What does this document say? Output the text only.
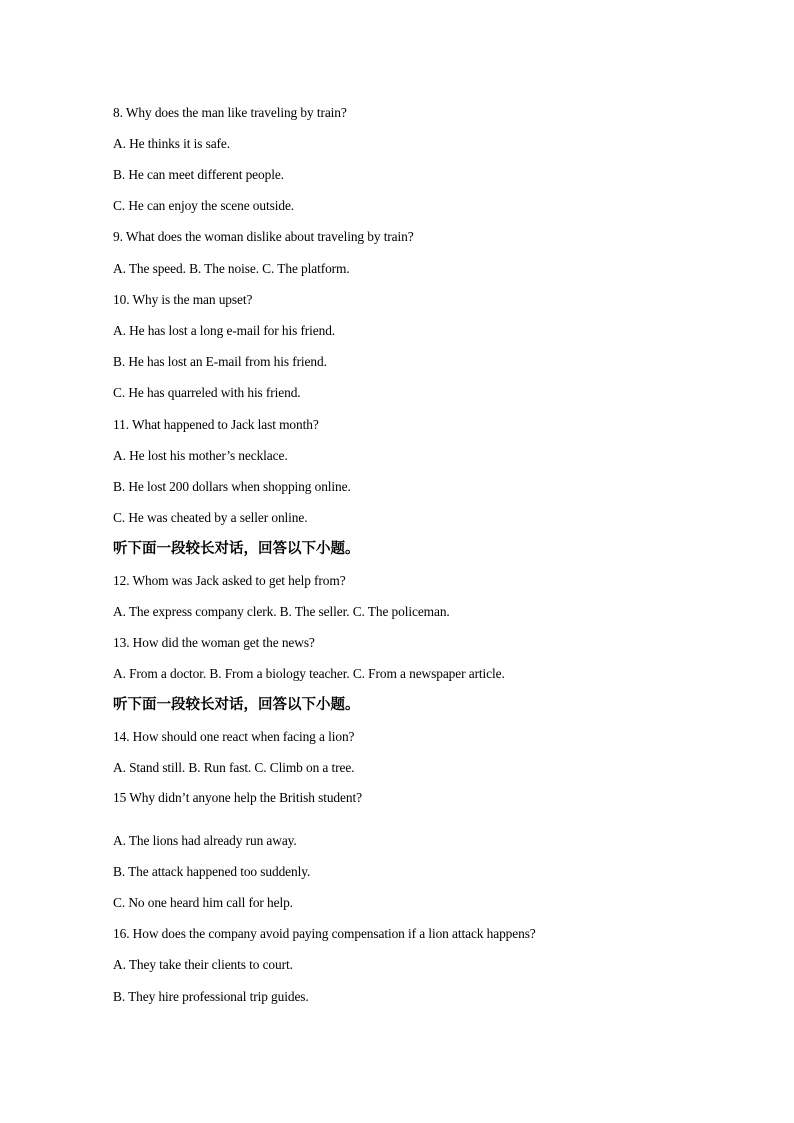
8. Why does the man like traveling by train?
A. He thinks it is safe.
B. He can meet different people.
C. He can enjoy the scene outside.
9. What does the woman dislike about traveling by train?
A. The speed. B. The noise. C. The platform.
10. Why is the man upset?
A. He has lost a long e-mail for his friend.
B. He has lost an E-mail from his friend.
C. He has quarreled with his friend.
11. What happened to Jack last month?
A. He lost his mother’s necklace.
B. He lost 200 dollars when shopping online.
C. He was cheated by a seller online.
听下面一段较长对话，回答以下小题。
12. Whom was Jack asked to get help from?
A. The express company clerk. B. The seller. C. The policeman.
13. How did the woman get the news?
A. From a doctor. B. From a biology teacher. C. From a newspaper article.
听下面一段较长对话，回答以下小题。
14. How should one react when facing a lion?
A. Stand still. B. Run fast. C. Climb on a tree.
15 Why didn’t anyone help the British student?
A. The lions had already run away.
B. The attack happened too suddenly.
C. No one heard him call for help.
16. How does the company avoid paying compensation if a lion attack happens?
A. They take their clients to court.
B. They hire professional trip guides.
